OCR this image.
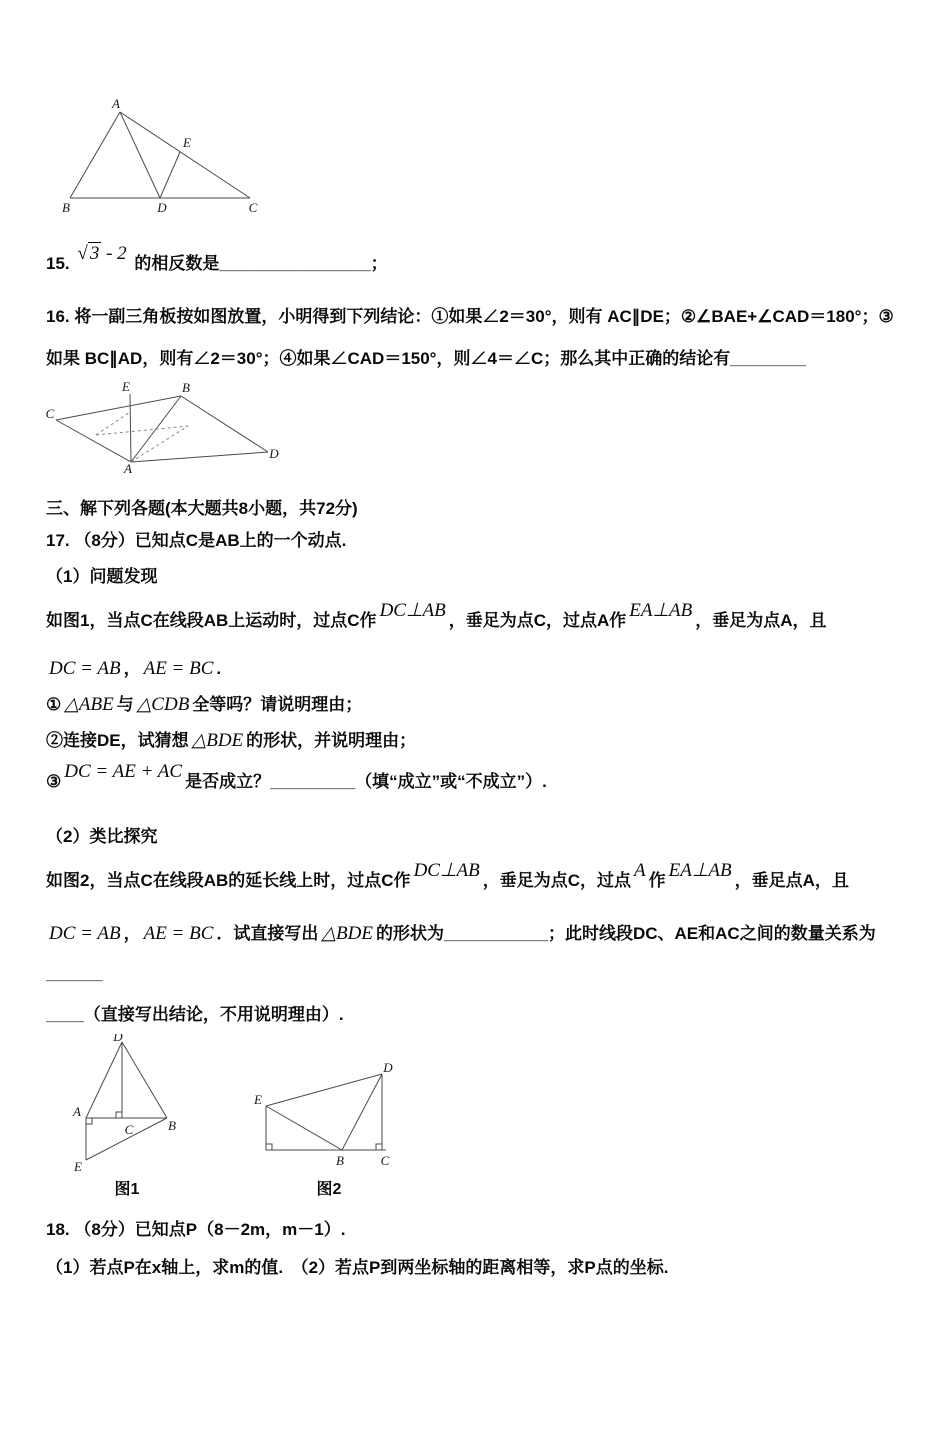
A
B	C
D
E

15. √ 3 - 2 的相反数是________________；

16. 将一副三角板按如图放置，小明得到下列结论：①如果∠2＝30°，则有 AC∥DE；②∠BAE+∠CAD＝180°；③

如果 BC∥AD，则有∠2＝30°；④如果∠CAD＝150°，则∠4＝∠C；那么其中正确的结论有________

E	B
C
D
A

三、解下列各题(本大题共8小题，共72分)

17. （8分）已知点C是AB上的一个动点.

（1）问题发现

如图1，当点C在线段AB上运动时，过点C作 DC⊥AB ，垂足为点C，过点A作 EA⊥AB ，垂足为点A，且

DC = AB ， AE = BC .

① △ABE 与 △CDB 全等吗？请说明理由；

②连接DE，试猜想 △BDE 的形状，并说明理由；

③ DC = AE + AC 是否成立？_________（填“成立”或“不成立”）.

（2）类比探究

如图2，当点C在线段AB的延长线上时，过点C作 DC⊥AB ，垂足为点C，过点 A 作 EA⊥AB ，垂足点A，且

DC = AB ， AE = BC ．试直接写出 △BDE 的形状为___________；此时线段DC、AE和AC之间的数量关系为______

____（直接写出结论，不用说明理由）.

D
A
C	B
E
图1
E
D
B	C
图2

18. （8分）已知点P（8－2m，m－1）.

（1）若点P在x轴上，求m的值.　（2）若点P到两坐标轴的距离相等，求P点的坐标.
